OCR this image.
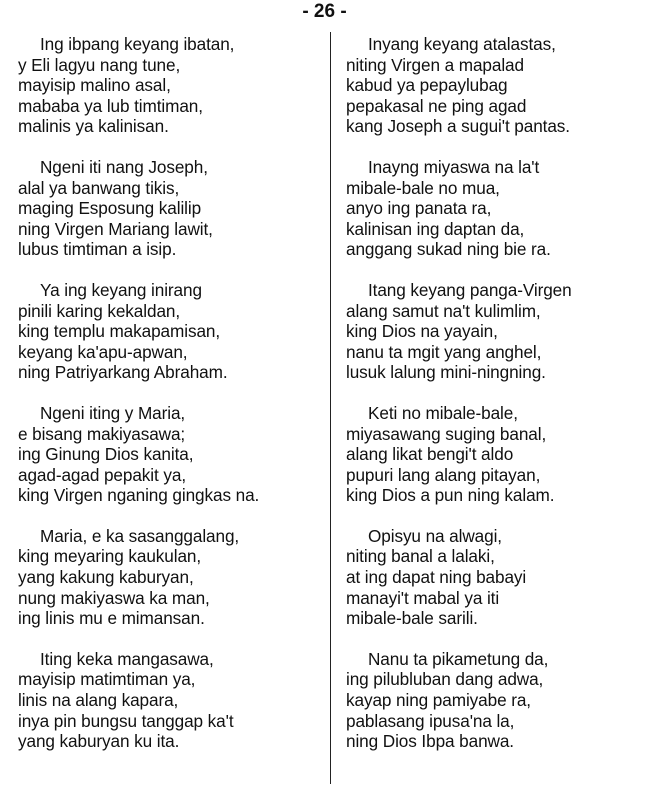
- 26 -
Ing ibpang keyang ibatan,
y Eli lagyu nang tune,
mayisip malino asal,
mababa ya lub timtiman,
malinis ya kalinisan.
Ngeni iti nang Joseph,
alal ya banwang tikis,
maging Esposung kalilip
ning Virgen Mariang lawit,
lubus timtiman a isip.
Ya ing keyang inirang
pinili karing kekaldan,
king templu makapamisan,
keyang ka'apu-apwan,
ning Patriyarkang Abraham.
Ngeni iting y Maria,
e bisang makiyasawa;
ing Ginung Dios kanita,
agad-agad pepakit ya,
king Virgen nganing gingkas na.
Maria, e ka sasanggalang,
king meyaring kaukulan,
yang kakung kaburyan,
nung makiyaswa ka man,
ing linis mu e mimansan.
Iting keka mangasawa,
mayisip matimtiman ya,
linis na alang kapara,
inya pin bungsu tanggap ka't
yang kaburyan ku ita.
Inyang keyang atalastas,
niting Virgen a mapalad
kabud ya pepaylubag
pepakasal ne ping agad
kang Joseph a sugui't pantas.
Inayng miyaswa na la't
mibale-bale no mua,
anyo ing panata ra,
kalinisan ing daptan da,
anggang sukad ning bie ra.
Itang keyang panga-Virgen
alang samut na't kulimlim,
king Dios na yayain,
nanu ta mgit yang anghel,
lusuk lalung mini-ningning.
Keti no mibale-bale,
miyasawang suging banal,
alang likat bengi't aldo
pupuri lang alang pitayan,
king Dios a pun ning kalam.
Opisyu na alwagi,
niting banal a lalaki,
at ing dapat ning babayi
manayi't mabal ya iti
mibale-bale sarili.
Nanu ta pikametung da,
ing pilubluban dang adwa,
kayap ning pamiyabe ra,
pablasang ipusa'na la,
ning Dios Ibpa banwa.
